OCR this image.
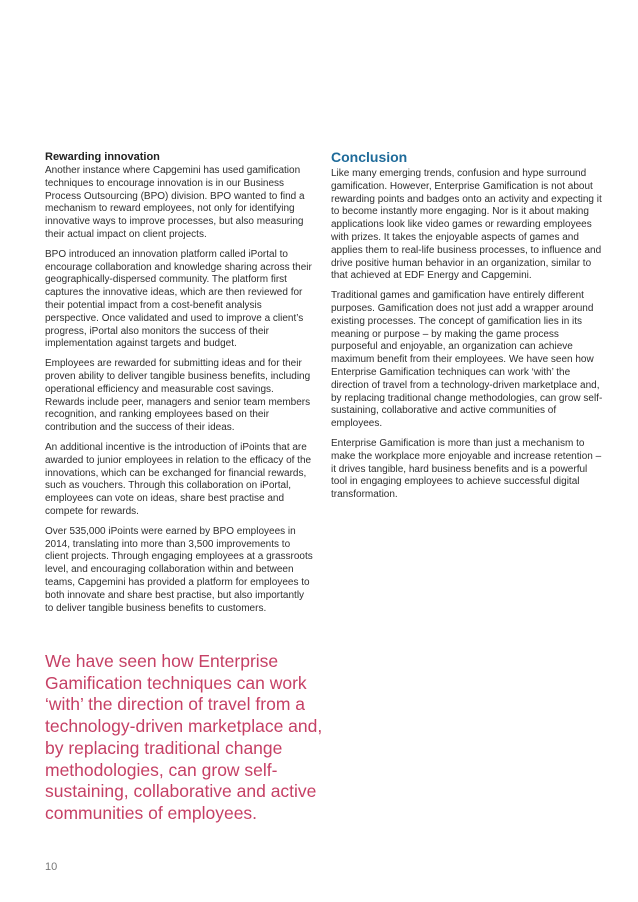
Rewarding innovation

Another instance where Capgemini has used gamification techniques to encourage innovation is in our Business Process Outsourcing (BPO) division. BPO wanted to find a mechanism to reward employees, not only for identifying innovative ways to improve processes, but also measuring their actual impact on client projects.

BPO introduced an innovation platform called iPortal to encourage collaboration and knowledge sharing across their geographically-dispersed community. The platform first captures the innovative ideas, which are then reviewed for their potential impact from a cost-benefit analysis perspective. Once validated and used to improve a client’s progress, iPortal also monitors the success of their implementation against targets and budget.

Employees are rewarded for submitting ideas and for their proven ability to deliver tangible business benefits, including operational efficiency and measurable cost savings. Rewards include peer, managers and senior team members recognition, and ranking employees based on their contribution and the success of their ideas.

An additional incentive is the introduction of iPoints that are awarded to junior employees in relation to the efficacy of the innovations, which can be exchanged for financial rewards, such as vouchers. Through this collaboration on iPortal, employees can vote on ideas, share best practise and compete for rewards.

Over 535,000 iPoints were earned by BPO employees in 2014, translating into more than 3,500 improvements to client projects. Through engaging employees at a grassroots level, and encouraging collaboration within and between teams, Capgemini has provided a platform for employees to both innovate and share best practise, but also importantly to deliver tangible business benefits to customers.

Conclusion

Like many emerging trends, confusion and hype surround gamification. However, Enterprise Gamification is not about rewarding points and badges onto an activity and expecting it to become instantly more engaging. Nor is it about making applications look like video games or rewarding employees with prizes. It takes the enjoyable aspects of games and applies them to real-life business processes, to influence and drive positive human behavior in an organization, similar to that achieved at EDF Energy and Capgemini.

Traditional games and gamification have entirely different purposes. Gamification does not just add a wrapper around existing processes. The concept of gamification lies in its meaning or purpose – by making the game process purposeful and enjoyable, an organization can achieve maximum benefit from their employees. We have seen how Enterprise Gamification techniques can work ‘with’ the direction of travel from a technology-driven marketplace and, by replacing traditional change methodologies, can grow self-sustaining, collaborative and active communities of employees.

Enterprise Gamification is more than just a mechanism to make the workplace more enjoyable and increase retention – it drives tangible, hard business benefits and is a powerful tool in engaging employees to achieve successful digital transformation.

We have seen how Enterprise Gamification techniques can work ‘with’ the direction of travel from a technology-driven marketplace and, by replacing traditional change methodologies, can grow self-sustaining, collaborative and active communities of employees.
10
